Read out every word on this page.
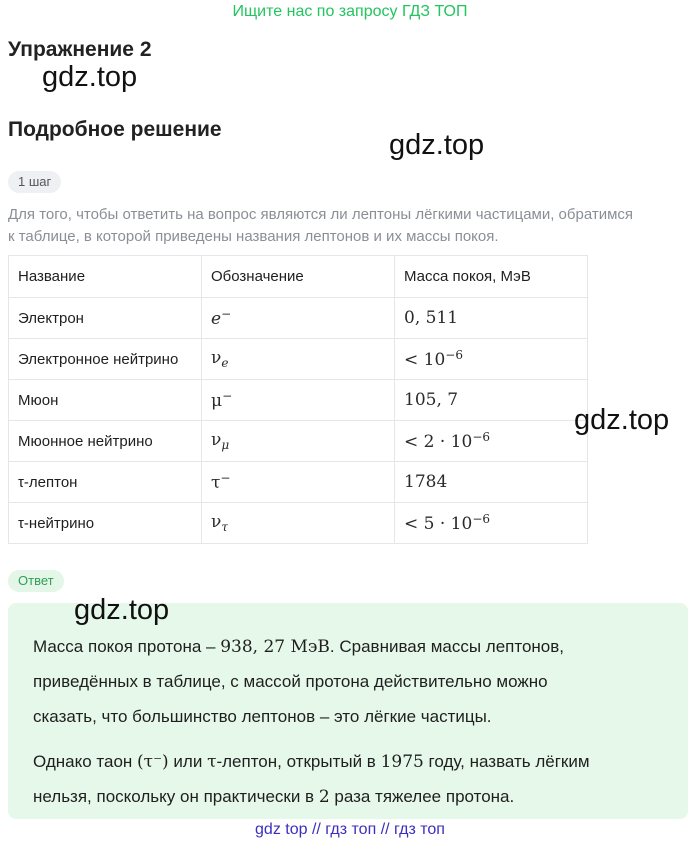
Ищите нас по запросу ГДЗ ТОП
Упражнение 2
gdz.top
Подробное решение	gdz.top
1 шаг

Для того, чтобы ответить на вопрос являются ли лептоны лёгкими частицами, обратимся
к таблице, в которой приведены названия лептонов и их массы покоя.

Название	Обозначение	Масса покоя, МэВ
Электрон	e−	0, 511
Электронное нейтрино	$\nu_e$	< $10^{-6}$
Мюон	μ−	105, 7
Мюонное нейтрино	$\nu_\mu$	< $2 \cdot 10^{-6}$
τ-лептон	τ−	1784
τ-нейтрино	$\nu_\tau$	< $5 \cdot 10^{-6}$
gdz.top
Ответ

Масса покоя протона – 938, 27 МэВ. Сравнивая массы лептонов,

приведённых в таблице, с массой протона действительно можно

сказать, что большинство лептонов – это лёгкие частицы.

Однако таон (τ⁻) или τ-лептон, открытый в 1975 году, назвать лёгким

нельзя, поскольку он практически в 2 раза тяжелее протона.

gdz.top
gdz top // гдз топ // гдз топ
